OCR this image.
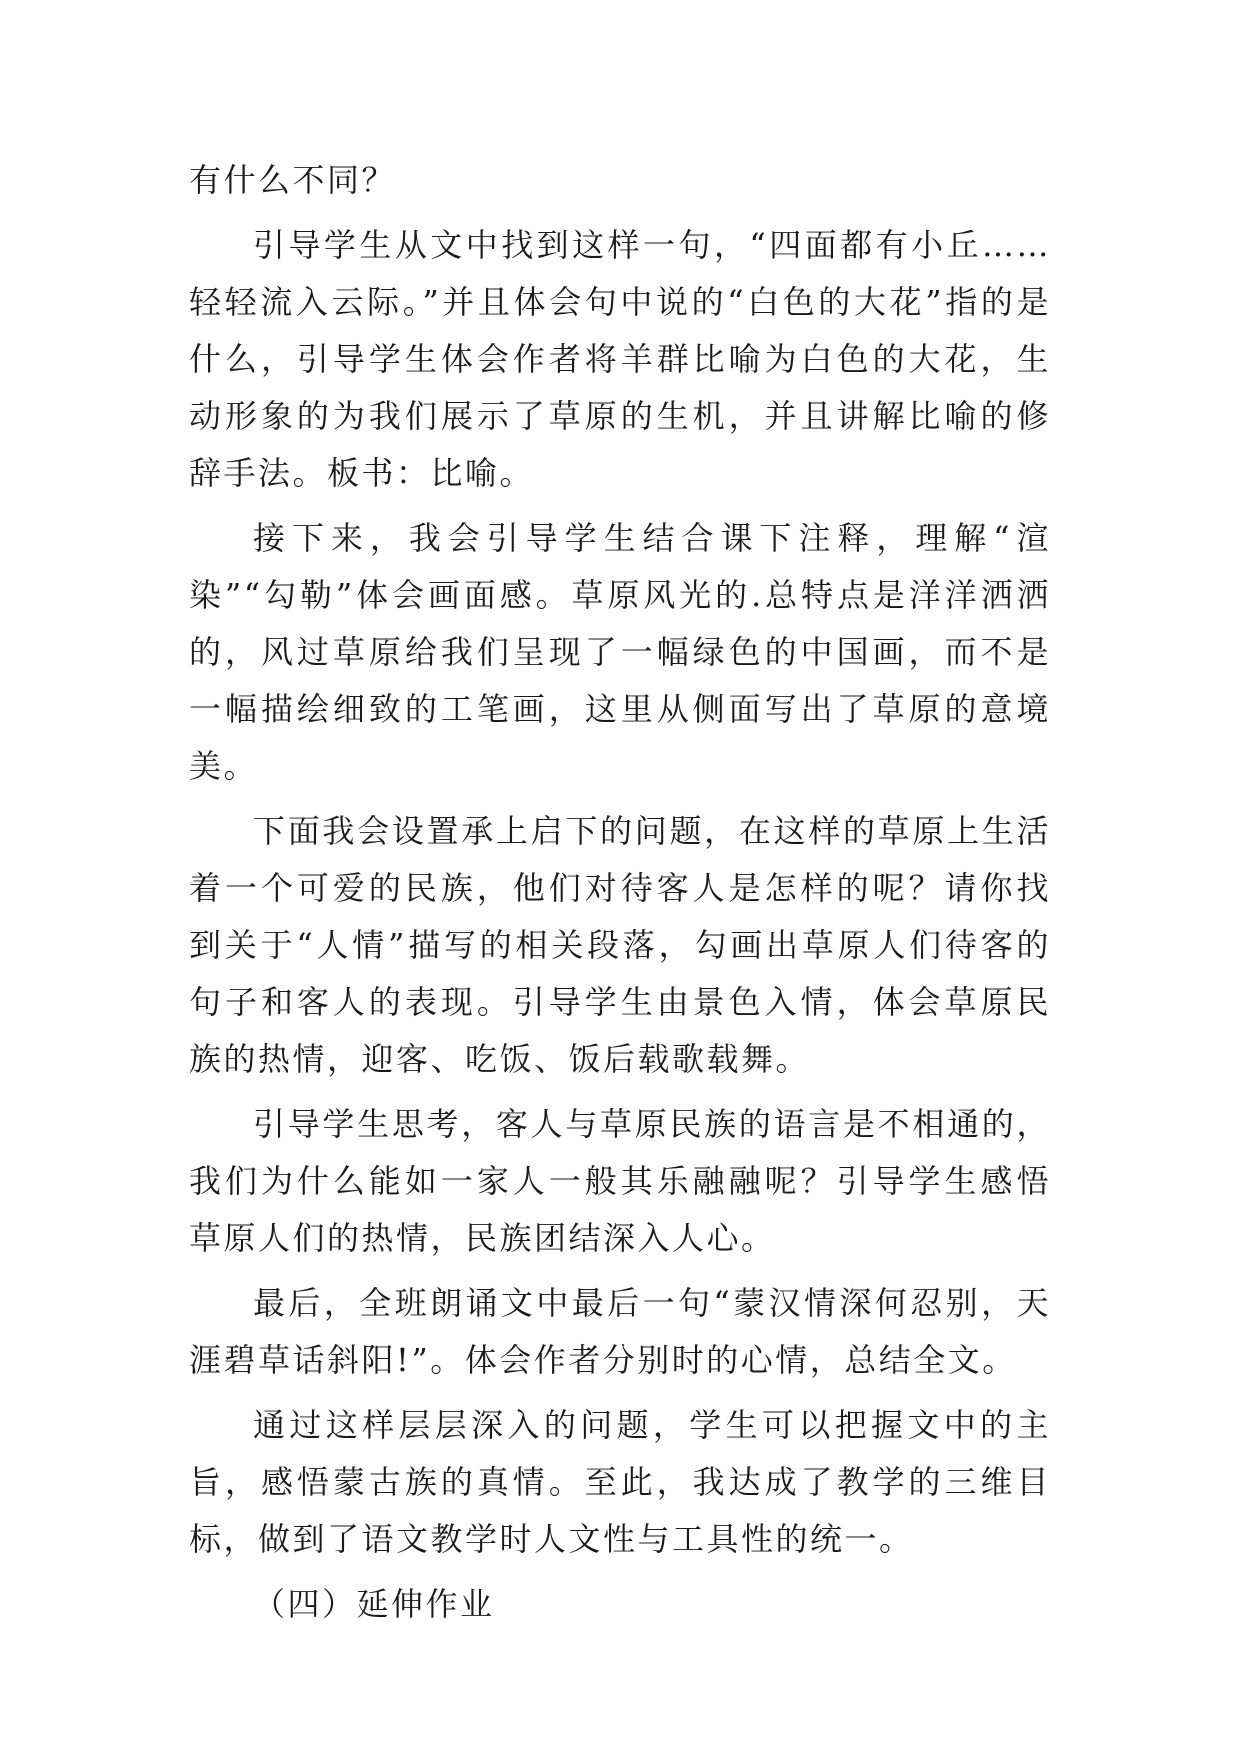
有什么不同？

引导学生从文中找到这样一句，“四面都有小丘……轻轻流入云际。”并且体会句中说的“白色的大花”指的是什么，引导学生体会作者将羊群比喻为白色的大花，生动形象的为我们展示了草原的生机，并且讲解比喻的修辞手法。板书：比喻。

接下来，我会引导学生结合课下注释，理解“渲染”“勾勒”体会画面感。草原风光的.总特点是洋洋洒洒的，风过草原给我们呈现了一幅绿色的中国画，而不是一幅描绘细致的工笔画，这里从侧面写出了草原的意境美。

下面我会设置承上启下的问题，在这样的草原上生活着一个可爱的民族，他们对待客人是怎样的呢？请你找到关于“人情”描写的相关段落，勾画出草原人们待客的句子和客人的表现。引导学生由景色入情，体会草原民族的热情，迎客、吃饭、饭后载歌载舞。

引导学生思考，客人与草原民族的语言是不相通的，我们为什么能如一家人一般其乐融融呢？引导学生感悟草原人们的热情，民族团结深入人心。

最后，全班朗诵文中最后一句“蒙汉情深何忍别，天涯碧草话斜阳!”。体会作者分别时的心情，总结全文。

通过这样层层深入的问题，学生可以把握文中的主旨，感悟蒙古族的真情。至此，我达成了教学的三维目标，做到了语文教学时人文性与工具性的统一。

（四）延伸作业
